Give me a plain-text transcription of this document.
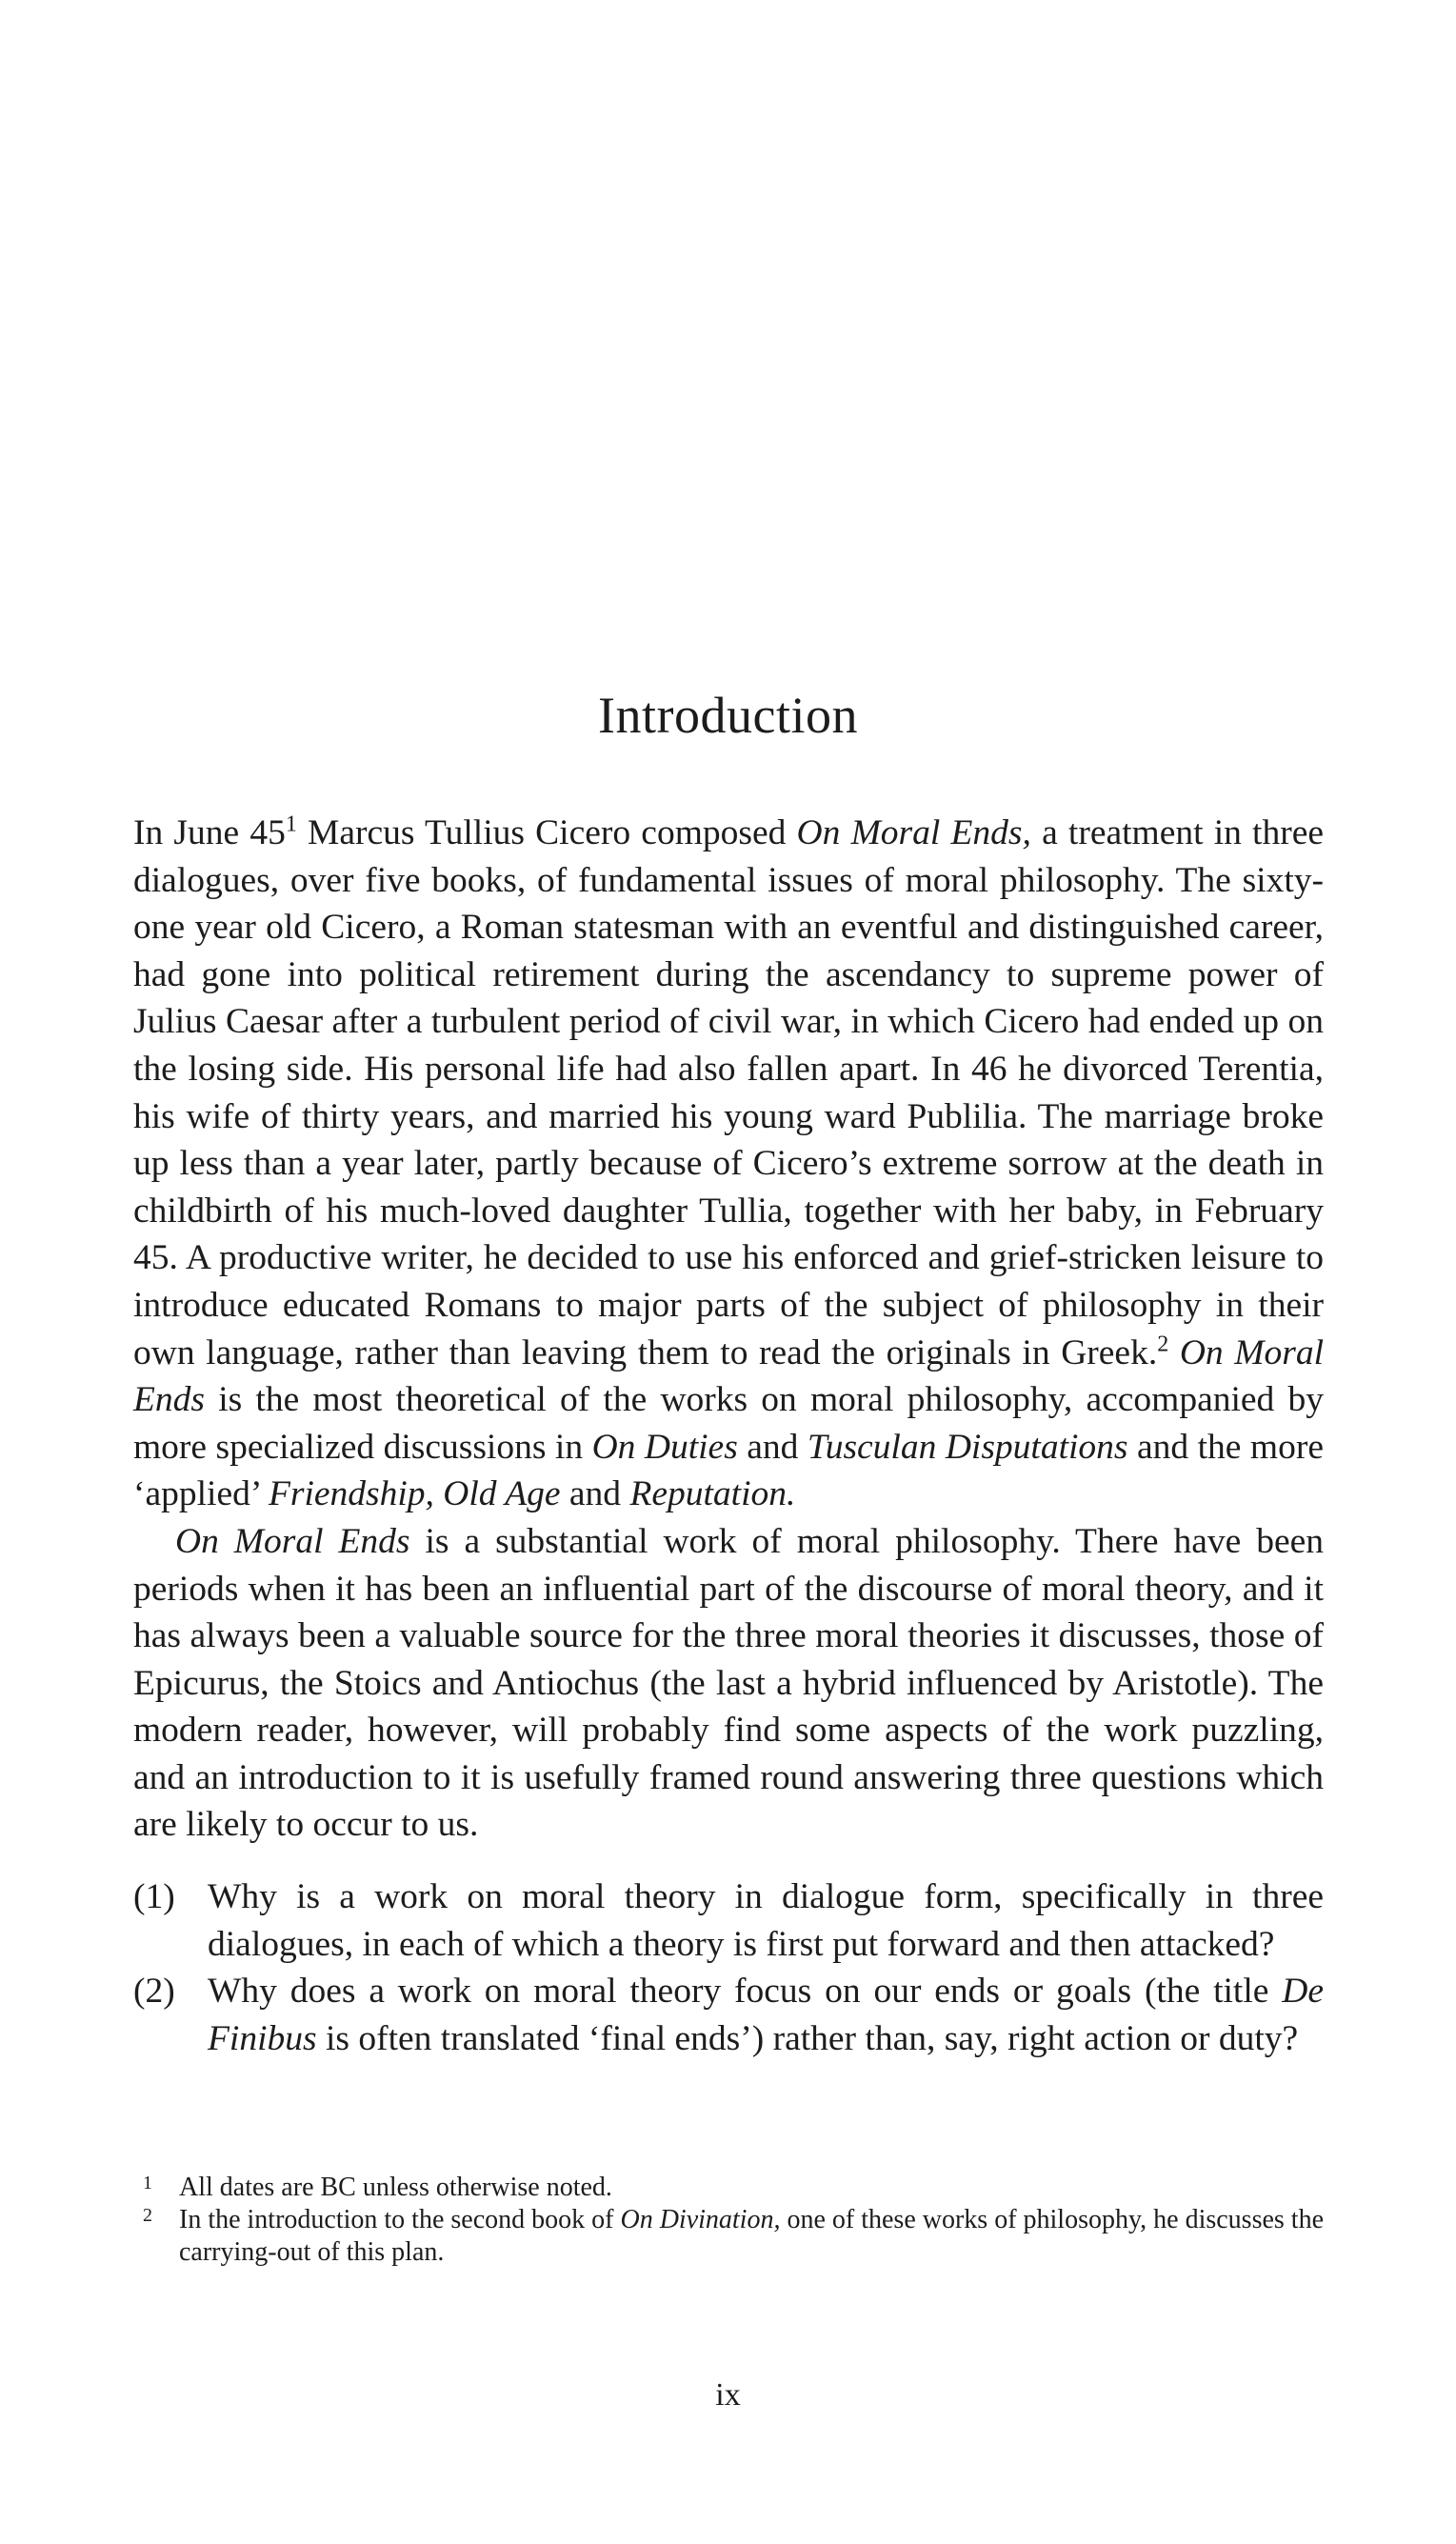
Introduction

In June $45^1$ Marcus Tullius Cicero composed On Moral Ends, a treatment in three dialogues, over five books, of fundamental issues of moral philosophy. The sixty-one year old Cicero, a Roman statesman with an eventful and distinguished career, had gone into political retirement during the ascendancy to supreme power of Julius Caesar after a turbulent period of civil war, in which Cicero had ended up on the losing side. His personal life had also fallen apart. In 46 he divorced Terentia, his wife of thirty years, and married his young ward Publilia. The marriage broke up less than a year later, partly because of Cicero’s extreme sorrow at the death in childbirth of his much-loved daughter Tullia, together with her baby, in February 45. A productive writer, he decided to use his enforced and grief-stricken leisure to introduce educated Romans to major parts of the subject of philosophy in their own language, rather than leaving them to read the originals in Greek.$^2$ On Moral Ends is the most theoretical of the works on moral philosophy, accompanied by more specialized discussions in On Duties and Tusculan Disputations and the more ‘applied’ Friendship, Old Age and Reputation.

On Moral Ends is a substantial work of moral philosophy. There have been periods when it has been an influential part of the discourse of moral theory, and it has always been a valuable source for the three moral theories it discusses, those of Epicurus, the Stoics and Antiochus (the last a hybrid influenced by Aristotle). The modern reader, however, will probably find some aspects of the work puzzling, and an introduction to it is usefully framed round answering three questions which are likely to occur to us.

(1) Why is a work on moral theory in dialogue form, specifically in three dialogues, in each of which a theory is first put forward and then attacked?
(2) Why does a work on moral theory focus on our ends or goals (the title De Finibus is often translated ‘final ends’) rather than, say, right action or duty?
1	All dates are BC unless otherwise noted.
2	In the introduction to the second book of On Divination, one of these works of philosophy, he discusses the carrying-out of this plan.
ix
